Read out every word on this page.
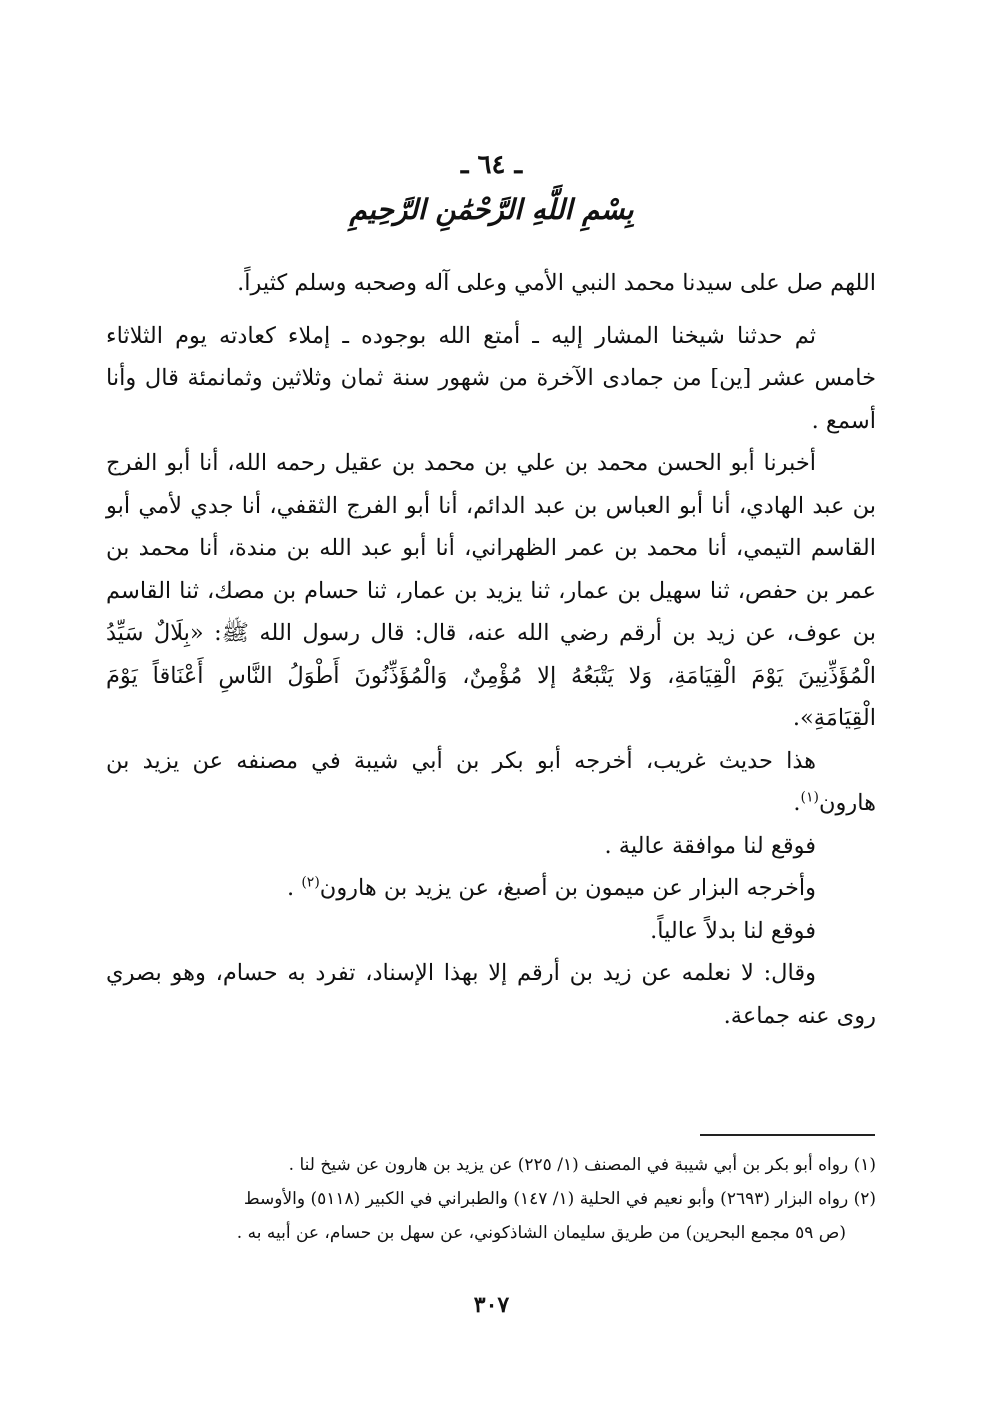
ـ ٦٤ ـ
بِسْمِ اللَّهِ الرَّحْمَٰنِ الرَّحِيمِ

اللهم صل على سيدنا محمد النبي الأمي وعلى آله وصحبه وسلم كثيراً.

ثم حدثنا شيخنا المشار إليه ـ أمتع الله بوجوده ـ إملاء كعادته يوم الثلاثاء خامس عشر [ين] من جمادى الآخرة من شهور سنة ثمان وثلاثين وثمانمئة قال وأنا أسمع .

أخبرنا أبو الحسن محمد بن علي بن محمد بن عقيل رحمه الله، أنا أبو الفرج بن عبد الهادي، أنا أبو العباس بن عبد الدائم، أنا أبو الفرج الثقفي، أنا جدي لأمي أبو القاسم التيمي، أنا محمد بن عمر الظهراني، أنا أبو عبد الله بن مندة، أنا محمد بن عمر بن حفص، ثنا سهيل بن عمار، ثنا يزيد بن عمار، ثنا حسام بن مصك، ثنا القاسم بن عوف، عن زيد بن أرقم رضي الله عنه، قال: قال رسول الله ﷺ: «بِلَالٌ سَيِّدُ الْمُؤَذِّنِينَ يَوْمَ الْقِيَامَةِ، وَلا يَتْبَعُهُ إلا مُؤْمِنٌ، وَالْمُؤَذِّنُونَ أَطْوَلُ النَّاسِ أَعْنَاقاً يَوْمَ الْقِيَامَةِ».

هذا حديث غريب، أخرجه أبو بكر بن أبي شيبة في مصنفه عن يزيد بن هارون$^{(١)}$.

فوقع لنا موافقة عالية .

وأخرجه البزار عن ميمون بن أصبغ، عن يزيد بن هارون$^{(٢)}$ .

فوقع لنا بدلاً عالياً.

وقال: لا نعلمه عن زيد بن أرقم إلا بهذا الإسناد، تفرد به حسام، وهو بصري روى عنه جماعة.

(١) رواه أبو بكر بن أبي شيبة في المصنف (١/ ٢٢٥) عن يزيد بن هارون عن شيخ لنا .

(٢) رواه البزار (٢٦٩٣) وأبو نعيم في الحلية (١/ ١٤٧) والطبراني في الكبير (٥١١٨) والأوسط

(ص ٥٩ مجمع البحرين) من طريق سليمان الشاذكوني، عن سهل بن حسام، عن أبيه به .

٣٠٧
